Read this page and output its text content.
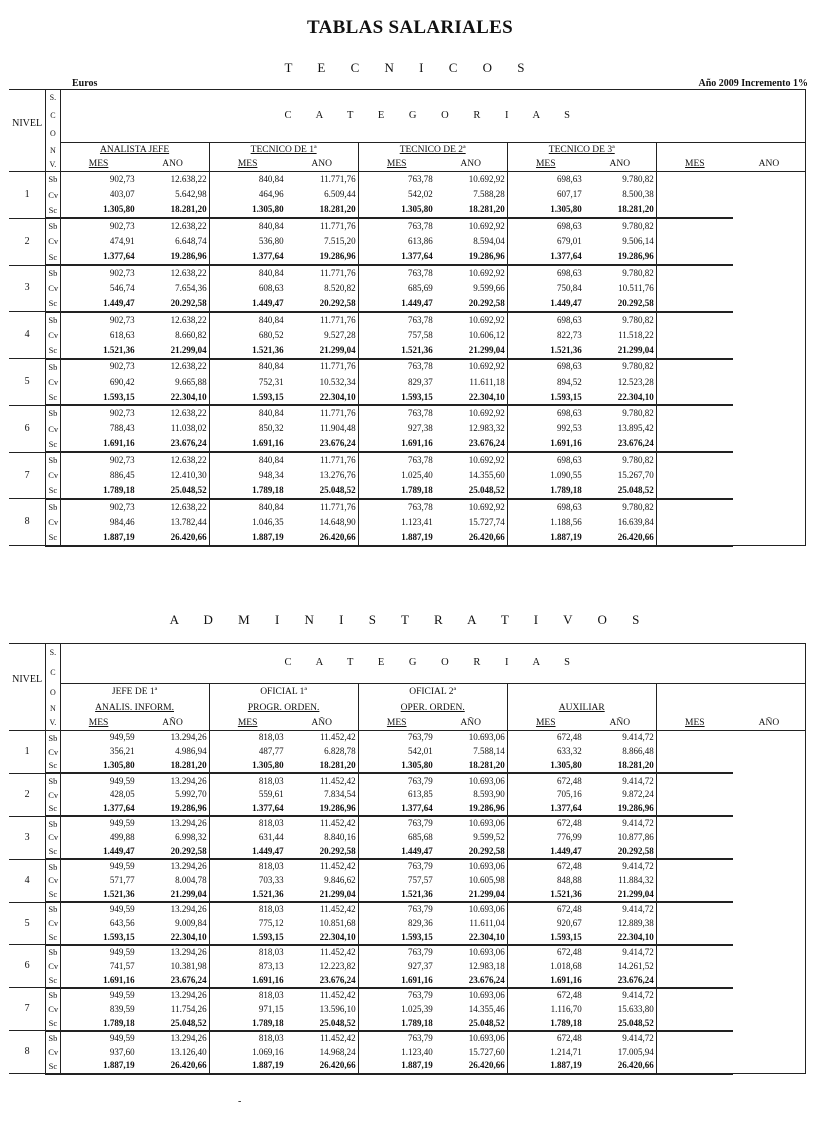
TABLAS SALARIALES
T E C N I C O S
Euros	Año 2009 Incremento 1%
NIVEL	S.	C A T E G O R I A S									
	C										
	O										
	N	ANALISTA JEFE		TECNICO DE 1ª		TECNICO DE 2ª		TECNICO DE 3ª			
	V.	MES	AÑO	MES	AÑO	MES	AÑO	MES	AÑO	MES	AÑO
1	Sb	902,73	12.638,22	840,84	11.771,76	763,78	10.692,92	698,63	9.780,82		
	Cv	403,07	5.642,98	464,96	6.509,44	542,02	7.588,28	607,17	8.500,38		
	Sc	1.305,80	18.281,20	1.305,80	18.281,20	1.305,80	18.281,20	1.305,80	18.281,20		
2	Sb	902,73	12.638,22	840,84	11.771,76	763,78	10.692,92	698,63	9.780,82		
	Cv	474,91	6.648,74	536,80	7.515,20	613,86	8.594,04	679,01	9.506,14		
	Sc	1.377,64	19.286,96	1.377,64	19.286,96	1.377,64	19.286,96	1.377,64	19.286,96		
3	Sb	902,73	12.638,22	840,84	11.771,76	763,78	10.692,92	698,63	9.780,82		
	Cv	546,74	7.654,36	608,63	8.520,82	685,69	9.599,66	750,84	10.511,76		
	Sc	1.449,47	20.292,58	1.449,47	20.292,58	1.449,47	20.292,58	1.449,47	20.292,58		
4	Sb	902,73	12.638,22	840,84	11.771,76	763,78	10.692,92	698,63	9.780,82		
	Cv	618,63	8.660,82	680,52	9.527,28	757,58	10.606,12	822,73	11.518,22		
	Sc	1.521,36	21.299,04	1.521,36	21.299,04	1.521,36	21.299,04	1.521,36	21.299,04		
5	Sb	902,73	12.638,22	840,84	11.771,76	763,78	10.692,92	698,63	9.780,82		
	Cv	690,42	9.665,88	752,31	10.532,34	829,37	11.611,18	894,52	12.523,28		
	Sc	1.593,15	22.304,10	1.593,15	22.304,10	1.593,15	22.304,10	1.593,15	22.304,10		
6	Sb	902,73	12.638,22	840,84	11.771,76	763,78	10.692,92	698,63	9.780,82		
	Cv	788,43	11.038,02	850,32	11.904,48	927,38	12.983,32	992,53	13.895,42		
	Sc	1.691,16	23.676,24	1.691,16	23.676,24	1.691,16	23.676,24	1.691,16	23.676,24		
7	Sb	902,73	12.638,22	840,84	11.771,76	763,78	10.692,92	698,63	9.780,82		
	Cv	886,45	12.410,30	948,34	13.276,76	1.025,40	14.355,60	1.090,55	15.267,70		
	Sc	1.789,18	25.048,52	1.789,18	25.048,52	1.789,18	25.048,52	1.789,18	25.048,52		
8	Sb	902,73	12.638,22	840,84	11.771,76	763,78	10.692,92	698,63	9.780,82		
	Cv	984,46	13.782,44	1.046,35	14.648,90	1.123,41	15.727,74	1.188,56	16.639,84		
	Sc	1.887,19	26.420,66	1.887,19	26.420,66	1.887,19	26.420,66	1.887,19	26.420,66		
A D M I N I S T R A T I V O S
NIVEL	S.	C A T E G O R I A S									
	C										
	O	JEFE DE 1ª		OFICIAL 1ª		OFICIAL 2ª					
	N	ANALIS. INFORM.		PROGR. ORDEN.		OPER. ORDEN.		AUXILIAR			
	V.	MES	AÑO	MES	AÑO	MES	AÑO	MES	AÑO	MES	AÑO
1	Sb	949,59	13.294,26	818,03	11.452,42	763,79	10.693,06	672,48	9.414,72		
	Cv	356,21	4.986,94	487,77	6.828,78	542,01	7.588,14	633,32	8.866,48		
	Sc	1.305,80	18.281,20	1.305,80	18.281,20	1.305,80	18.281,20	1.305,80	18.281,20		
2	Sb	949,59	13.294,26	818,03	11.452,42	763,79	10.693,06	672,48	9.414,72		
	Cv	428,05	5.992,70	559,61	7.834,54	613,85	8.593,90	705,16	9.872,24		
	Sc	1.377,64	19.286,96	1.377,64	19.286,96	1.377,64	19.286,96	1.377,64	19.286,96		
3	Sb	949,59	13.294,26	818,03	11.452,42	763,79	10.693,06	672,48	9.414,72		
	Cv	499,88	6.998,32	631,44	8.840,16	685,68	9.599,52	776,99	10.877,86		
	Sc	1.449,47	20.292,58	1.449,47	20.292,58	1.449,47	20.292,58	1.449,47	20.292,58		
4	Sb	949,59	13.294,26	818,03	11.452,42	763,79	10.693,06	672,48	9.414,72		
	Cv	571,77	8.004,78	703,33	9.846,62	757,57	10.605,98	848,88	11.884,32		
	Sc	1.521,36	21.299,04	1.521,36	21.299,04	1.521,36	21.299,04	1.521,36	21.299,04		
5	Sb	949,59	13.294,26	818,03	11.452,42	763,79	10.693,06	672,48	9.414,72		
	Cv	643,56	9.009,84	775,12	10.851,68	829,36	11.611,04	920,67	12.889,38		
	Sc	1.593,15	22.304,10	1.593,15	22.304,10	1.593,15	22.304,10	1.593,15	22.304,10		
6	Sb	949,59	13.294,26	818,03	11.452,42	763,79	10.693,06	672,48	9.414,72		
	Cv	741,57	10.381,98	873,13	12.223,82	927,37	12.983,18	1.018,68	14.261,52		
	Sc	1.691,16	23.676,24	1.691,16	23.676,24	1.691,16	23.676,24	1.691,16	23.676,24		
7	Sb	949,59	13.294,26	818,03	11.452,42	763,79	10.693,06	672,48	9.414,72		
	Cv	839,59	11.754,26	971,15	13.596,10	1.025,39	14.355,46	1.116,70	15.633,80		
	Sc	1.789,18	25.048,52	1.789,18	25.048,52	1.789,18	25.048,52	1.789,18	25.048,52		
8	Sb	949,59	13.294,26	818,03	11.452,42	763,79	10.693,06	672,48	9.414,72		
	Cv	937,60	13.126,40	1.069,16	14.968,24	1.123,40	15.727,60	1.214,71	17.005,94		
	Sc	1.887,19	26.420,66	1.887,19	26.420,66	1.887,19	26.420,66	1.887,19	26.420,66		
-
